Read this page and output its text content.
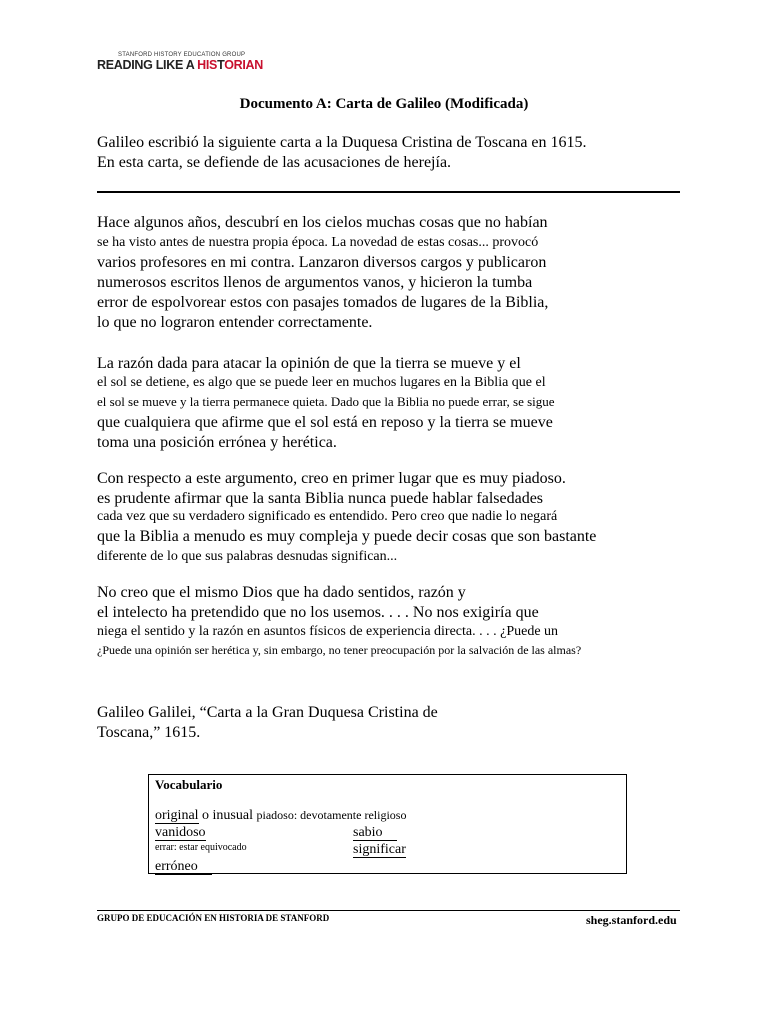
STANFORD HISTORY EDUCATION GROUP
READING LIKE A HISTORIAN
Documento A: Carta de Galileo (Modificada)
Galileo escribió la siguiente carta a la Duquesa Cristina de Toscana en 1615.
En esta carta, se defiende de las acusaciones de herejía.
Hace algunos años, descubrí en los cielos muchas cosas que no habían
se ha visto antes de nuestra propia época. La novedad de estas cosas... provocó
varios profesores en mi contra. Lanzaron diversos cargos y publicaron
numerosos escritos llenos de argumentos vanos, y hicieron la tumba
error de espolvorear estos con pasajes tomados de lugares de la Biblia,
lo que no lograron entender correctamente.
La razón dada para atacar la opinión de que la tierra se mueve y el
el sol se detiene, es algo que se puede leer en muchos lugares en la Biblia que el
el sol se mueve y la tierra permanece quieta. Dado que la Biblia no puede errar, se sigue
que cualquiera que afirme que el sol está en reposo y la tierra se mueve
toma una posición errónea y herética.
Con respecto a este argumento, creo en primer lugar que es muy piadoso.
es prudente afirmar que la santa Biblia nunca puede hablar falsedades
cada vez que su verdadero significado es entendido. Pero creo que nadie lo negará
que la Biblia a menudo es muy compleja y puede decir cosas que son bastante
diferente de lo que sus palabras desnudas significan...
No creo que el mismo Dios que ha dado sentidos, razón y
el intelecto ha pretendido que no los usemos. . . . No nos exigiría que
niega el sentido y la razón en asuntos físicos de experiencia directa. . . . ¿Puede un
¿Puede una opinión ser herética y, sin embargo, no tener preocupación por la salvación de las almas?
Galileo Galilei, “Carta a la Gran Duquesa Cristina de
Toscana,” 1615.
Vocabulario
original o inusual piadoso: devotamente religioso
vanidoso	sabio
errar: estar equivocado	significar
erróneo
GRUPO DE EDUCACIÓN EN HISTORIA DE STANFORD	sheg.stanford.edu
